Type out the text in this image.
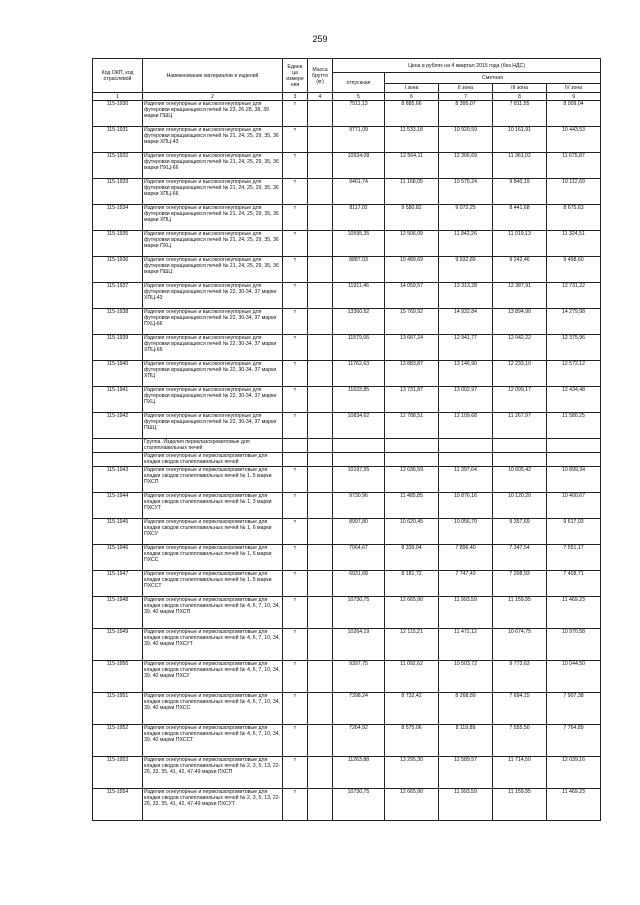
259
Код ОКП, код отраслевой	Наименование материалов и изделий	Едини ца измере ния	Масса брутто (кг)	Цена в рублях на 4 квартал 2015 года (без НДС)				
				отпускная	Сметная			
					I зона	II зона	III зона	IV зона
1	2	3	4	5	6	7	8	9
115-1930	Изделия огнеупорные и высокоогнеупорные для футеровки вращающихся печей № 23, 26-28, 38, 39 марки ПШЦ	т		7511,13	8 885,66	8 395,07	7 811,55	8 009,04
115-1931	Изделия огнеупорные и высокоогнеупорные для футеровки вращающихся печей № 21, 24, 25, 29, 35, 36 марки ХПЦ-43	т		9771,09	11 533,18	10 920,59	10 161,91	10 443,53
115-1932	Изделия огнеупорные и высокоогнеупорные для футеровки вращающихся печей № 21, 24, 25, 29, 35, 36 марки ПХЦ-66	т		10924,08	12 564,11	12 306,69	11 361,02	11 675,87
115-1933	Изделия огнеупорные и высокоогнеупорные для футеровки вращающихся печей № 21, 24, 25, 29, 35, 36 марки ХПЦ-66	т		9461,74	11 168,05	10 575,24	9 840,19	10 112,69
115-1934	Изделия огнеупорные и высокоогнеупорные для футеровки вращающихся печей № 21, 24, 25, 29, 35, 36 марки ХПЦ	т		8117,02	9 580,82	9 072,25	8 441,68	8 675,63
115-1935	Изделия огнеупорные и высокоогнеупорные для футеровки вращающихся печей № 21, 24, 25, 29, 35, 36 марки ПХЦ	т		10595,35	12 506,09	11 842,26	11 019,13	11 324,51
115-1936	Изделия огнеупорные и высокоогнеупорные для футеровки вращающихся печей № 21, 24, 25, 29, 35, 36 марки ПШЦ	т		8887,03	10 489,69	9 932,89	9 242,46	9 498,60
115-1937	Изделия огнеупорные и высокоогнеупорные для футеровки вращающихся печей № 22, 30-34, 37 марки ХПЦ-43	т		11911,46	14 059,57	13 313,28	12 387,91	12 731,22
115-1938	Изделия огнеупорные и высокоогнеупорные для футеровки вращающихся печей № 22, 30-34, 37 марки ПХЦ-66	т		13360,52	15 769,92	14 932,84	13 894,90	14 279,98
115-1939	Изделия огнеупорные и высокоогнеупорные для футеровки вращающихся печей № 22, 30-34, 37 марки ХПЦ-66	т		11579,06	13 667,24	12 941,77	12 042,22	12 375,96
115-1940	Изделия огнеупорные и высокоогнеупорные для футеровки вращающихся печей № 22, 30-34, 37 марки ХПЦ	т		11762,63	13 883,87	13 146,90	12 233,10	12 572,12
115-1941	Изделия огнеупорные и высокоогнеупорные для футеровки вращающихся печей № 22, 30-34, 37 марки ПХЦ	т		11633,85	13 731,87	13 002,97	12 099,17	12 434,48
115-1942	Изделия огнеупорные и высокоогнеупорные для футеровки вращающихся печей № 22, 30-34, 37 марки ПШЦ	т		10834,62	12 788,51	12 109,68	11 267,97	11 580,25
	Группа. Изделия периклазохромитовые для сталеплавильных печей							
	Изделия огнеупорные и периклазохромитовые для кладки сводов сталеплавильных печей							
115-1943	Изделия огнеупорные и периклазохромитовые для кладки сводов сталеплавильных печей № 1, 5 марки ПХСП	т		10197,55	12 036,59	11 397,64	10 605,42	10 899,34
115-1944	Изделия огнеупорные и периклазохромитовые для кладки сводов сталеплавильных печей № 1, 3 марки ПХСУТ	т		9730,96	11 485,85	10 876,16	10 120,20	10 400,67
115-1945	Изделия огнеупорные и периклазохромитовые для кладки сводов сталеплавильных печей № 1, 6 марки ПХСУ	т		8997,80	10 620,45	10 056,70	9 357,69	9 617,03
115-1946	Изделия огнеупорные и периклазохромитовые для кладки сводов сталеплавильных печей № 1, 6 марки ПХСС	т		7064,67	8 339,04	7 896,40	7 347,54	7 551,17
115-1947	Изделия огнеупорные и периклазохромитовые для кладки сводов сталеплавильных печей № 1, 5 марки ПХССТ	т		6931,68	8 181,72	7 747,43	7 208,93	7 408,71
115-1948	Изделия огнеупорные и периклазохромитовые для кладки сводов сталеплавильных печей № 4, 6, 7, 10, 34, 39, 40 марки ПХСП	т		10730,75	12 665,90	11 993,59	11 159,95	11 469,23
115-1949	Изделия огнеупорные и периклазохромитовые для кладки сводов сталеплавильных печей № 4, 6, 7, 10, 34, 39, 40 марки ПХСУТ	т		10264,19	12 115,21	11 472,12	10 674,75	10 970,58
115-1950	Изделия огнеупорные и периклазохромитовые для кладки сводов сталеплавильных печей № 4, 6, 7, 10, 34, 39, 40 марки ПХСУ	т		9397,75	11 092,62	10 503,72	9 773,63	10 044,50
115-1951	Изделия огнеупорные и периклазохромитовые для кладки сводов сталеплавильных печей № 4, 6, 7, 10, 34, 39, 40 марки ПХСС	т		7398,24	8 732,42	8 268,89	7 694,15	7 907,38
115-1952	Изделия огнеупорные и периклазохромитовые для кладки сводов сталеплавильных печей № 4, 6, 7, 10, 34, 39, 40 марки ПХССТ	т		7264,92	8 575,06	8 119,89	7 555,50	7 764,89
115-1953	Изделия огнеупорные и периклазохромитовые для кладки сводов сталеплавильных печей № 2, 3, 5, 13, 22-26, 33, 35, 41, 42, 47-49 марки ПХСП	т		11263,88	13 295,30	12 589,57	11 714,50	12 039,16
115-1954	Изделия огнеупорные и периклазохромитовые для кладки сводов сталеплавильных печей № 2, 3, 5, 13, 22-26, 33, 35, 41, 42, 47-49 марки ПХСУТ	т		10730,75	12 665,90	11 993,59	11 159,95	11 469,23
